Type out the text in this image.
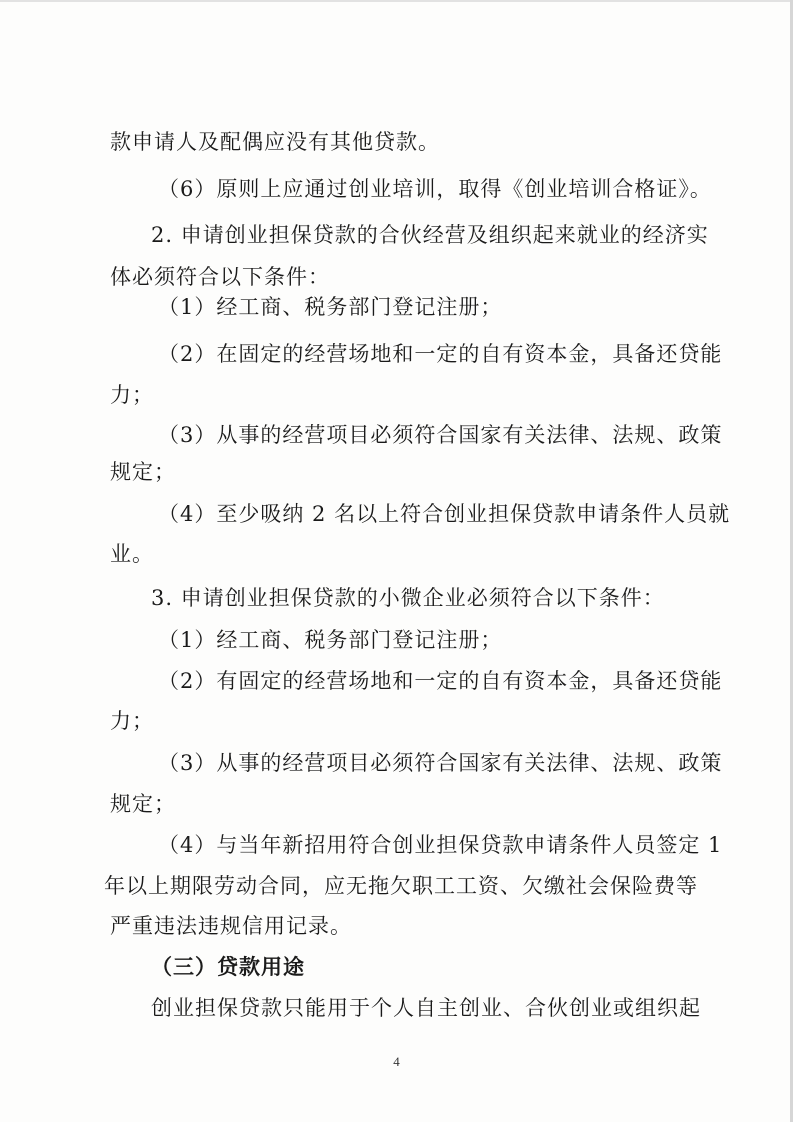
款申请人及配偶应没有其他贷款。
（6）原则上应通过创业培训，取得《创业培训合格证》。
2. 申请创业担保贷款的合伙经营及组织起来就业的经济实
体必须符合以下条件：
（1）经工商、税务部门登记注册；
（2）在固定的经营场地和一定的自有资本金，具备还贷能
力；
（3）从事的经营项目必须符合国家有关法律、法规、政策
规定；
（4）至少吸纳 2 名以上符合创业担保贷款申请条件人员就
业。
3. 申请创业担保贷款的小微企业必须符合以下条件：
（1）经工商、税务部门登记注册；
（2）有固定的经营场地和一定的自有资本金，具备还贷能
力；
（3）从事的经营项目必须符合国家有关法律、法规、政策
规定；
（4）与当年新招用符合创业担保贷款申请条件人员签定 1
年以上期限劳动合同，应无拖欠职工工资、欠缴社会保险费等
严重违法违规信用记录。
（三）贷款用途
创业担保贷款只能用于个人自主创业、合伙创业或组织起
4
